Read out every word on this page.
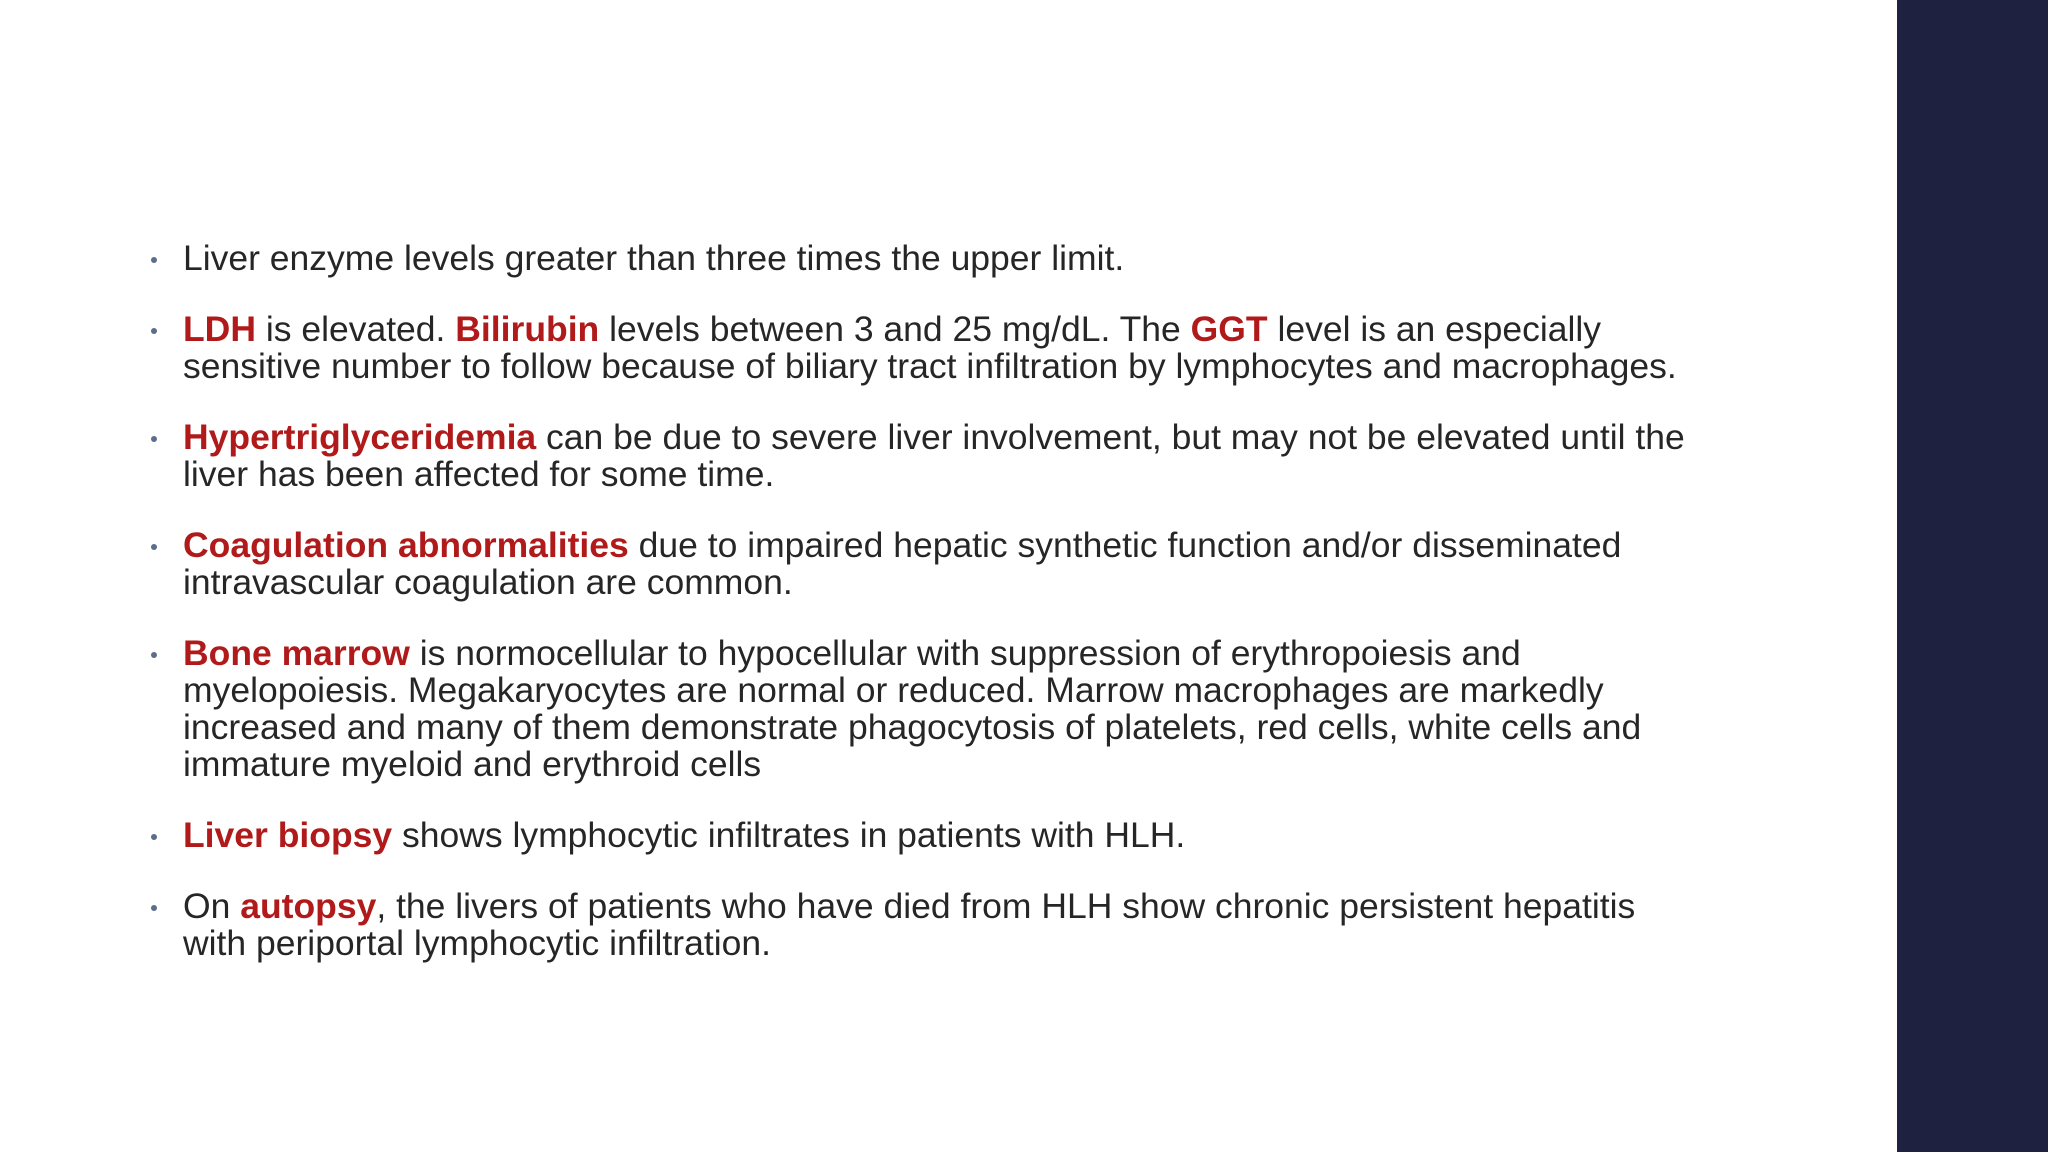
Liver enzyme levels greater than three times the upper limit.
LDH is elevated. Bilirubin levels between 3 and 25 mg/dL. The GGT level is an especially sensitive number to follow because of biliary tract infiltration by lymphocytes and macrophages.
Hypertriglyceridemia can be due to severe liver involvement, but may not be elevated until the liver has been affected for some time.
Coagulation abnormalities due to impaired hepatic synthetic function and/or disseminated intravascular coagulation are common.
Bone marrow is normocellular to hypocellular with suppression of erythropoiesis and myelopoiesis. Megakaryocytes are normal or reduced. Marrow macrophages are markedly increased and many of them demonstrate phagocytosis of platelets, red cells, white cells and immature myeloid and erythroid cells
Liver biopsy shows lymphocytic infiltrates in patients with HLH.
On autopsy, the livers of patients who have died from HLH show chronic persistent hepatitis with periportal lymphocytic infiltration.
